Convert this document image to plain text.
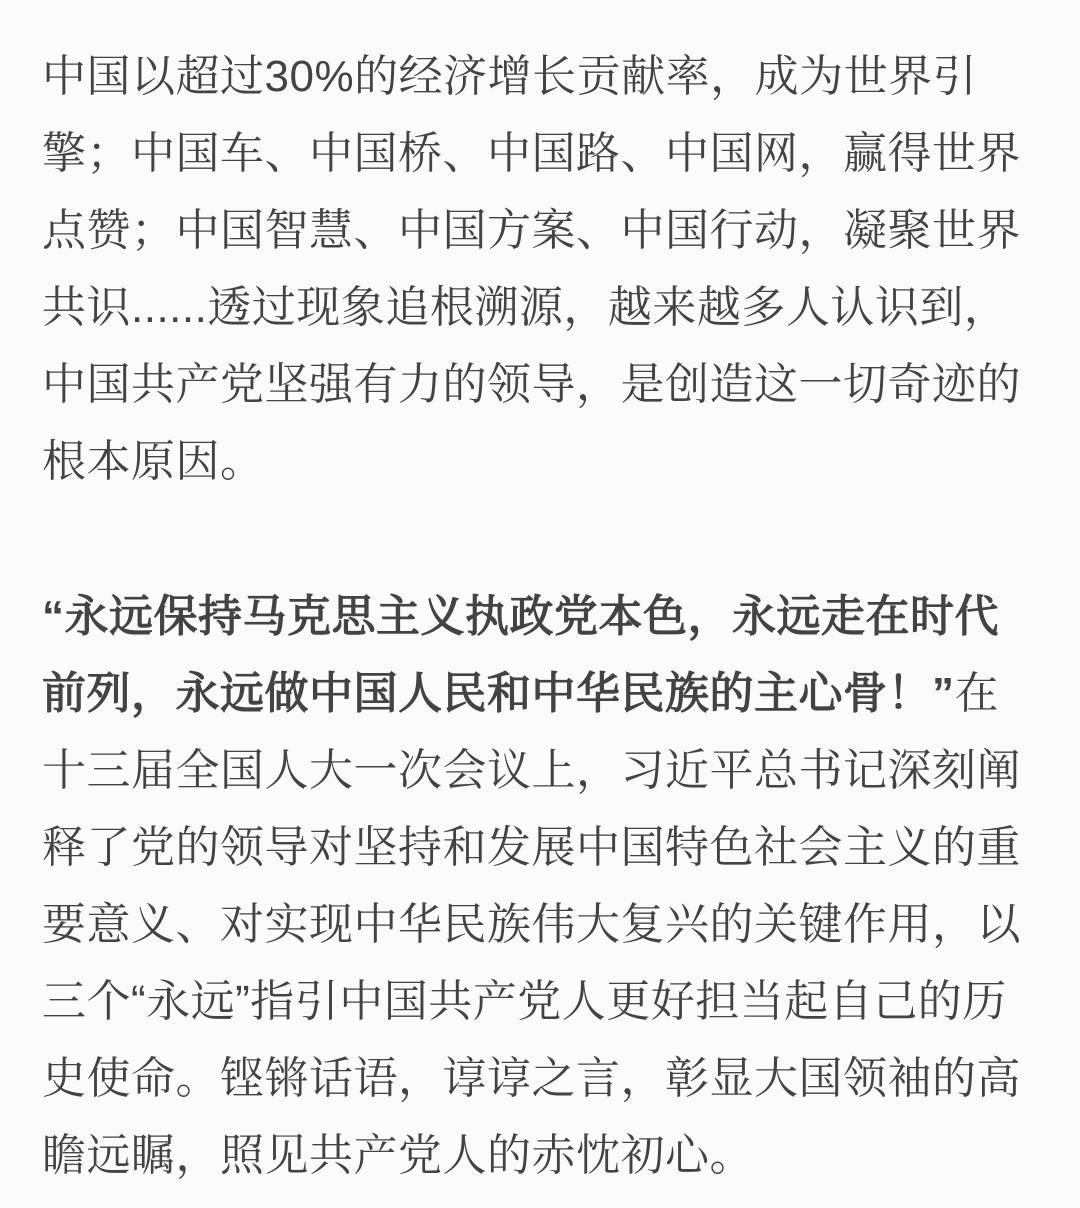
中国以超过30%的经济增长贡献率，成为世界引擎；中国车、中国桥、中国路、中国网，赢得世界点赞；中国智慧、中国方案、中国行动，凝聚世界共识......透过现象追根溯源，越来越多人认识到，中国共产党坚强有力的领导，是创造这一切奇迹的根本原因。

“永远保持马克思主义执政党本色，永远走在时代前列，永远做中国人民和中华民族的主心骨！”在十三届全国人大一次会议上，习近平总书记深刻阐释了党的领导对坚持和发展中国特色社会主义的重要意义、对实现中华民族伟大复兴的关键作用，以三个“永远”指引中国共产党人更好担当起自己的历史使命。铿锵话语，谆谆之言，彰显大国领袖的高瞻远瞩，照见共产党人的赤忱初心。
